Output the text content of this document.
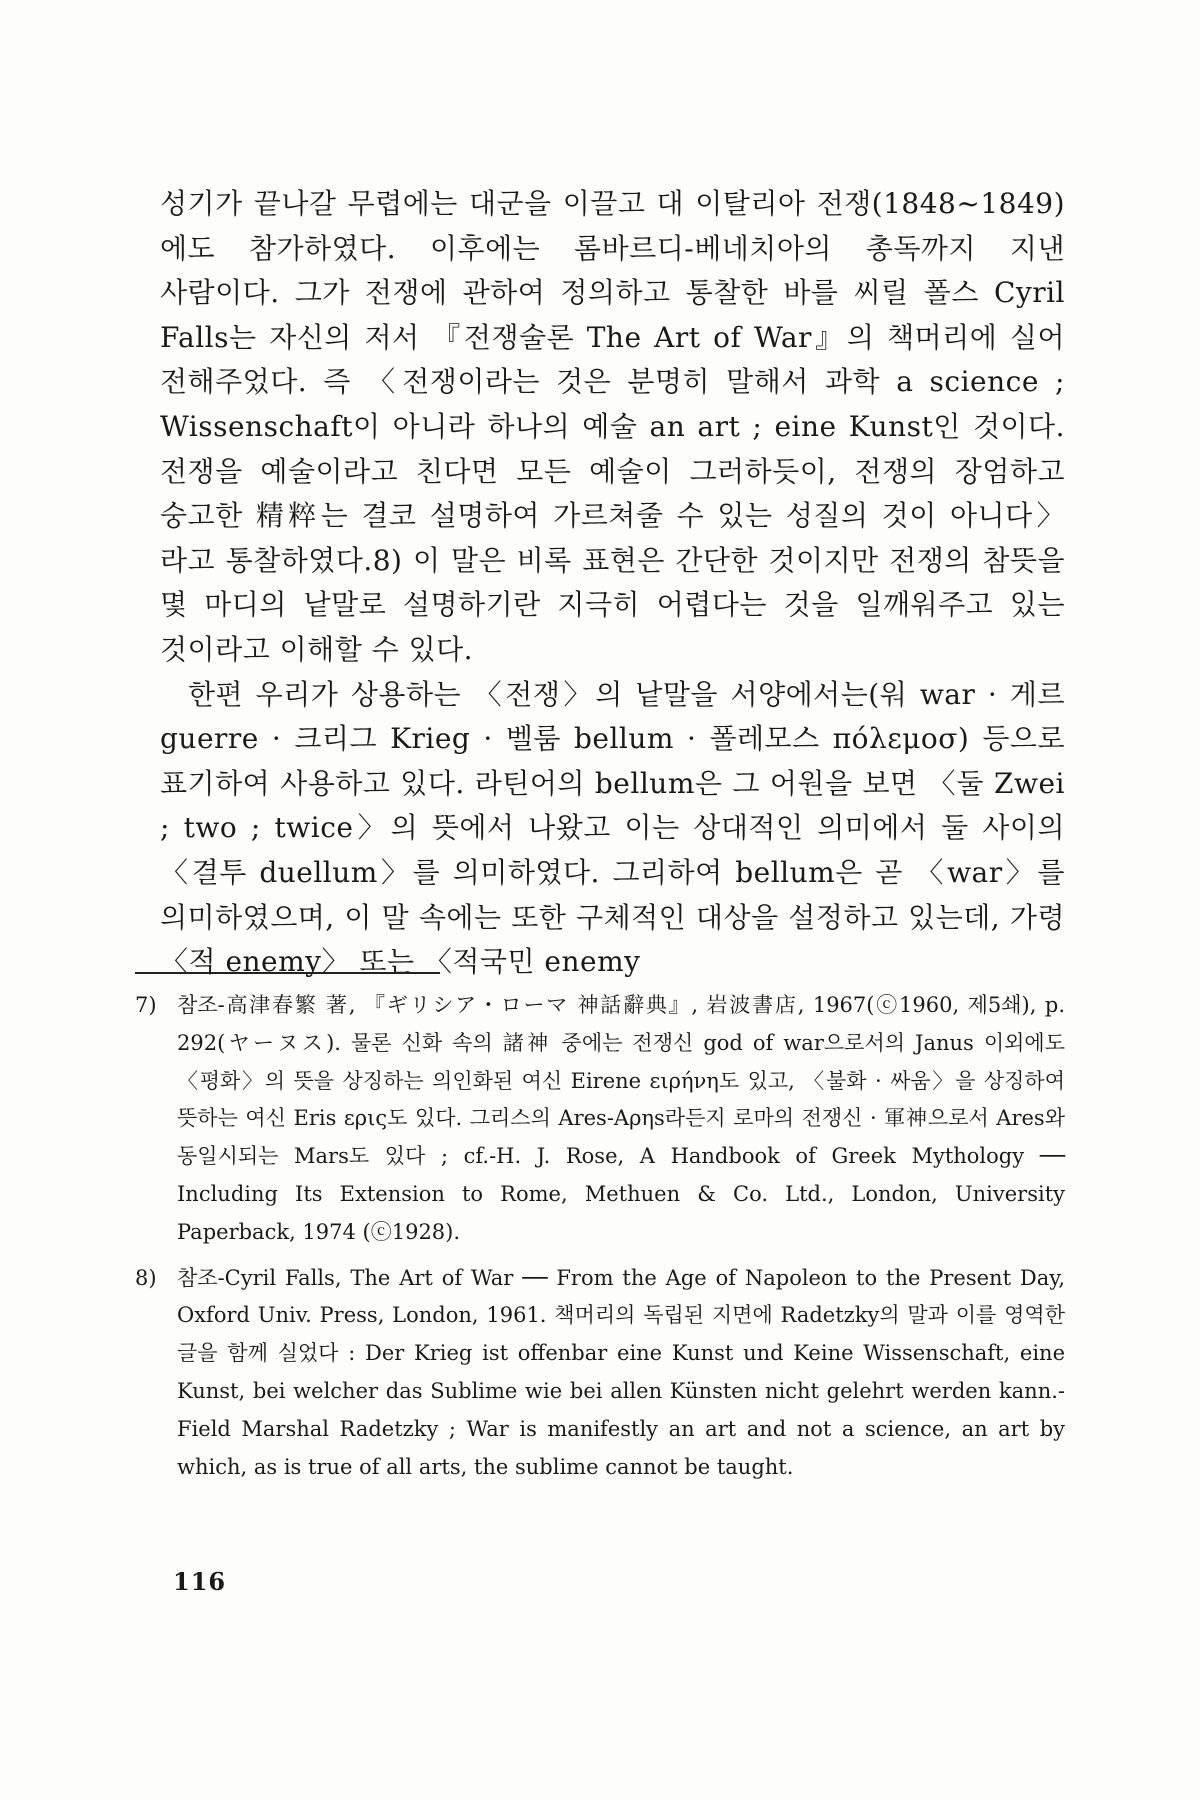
성기가 끝나갈 무렵에는 대군을 이끌고 대 이탈리아 전쟁(1848~1849)에도 참가하였다. 이후에는 롬바르디-베네치아의 총독까지 지낸 사람이다. 그가 전쟁에 관하여 정의하고 통찰한 바를 씨릴 폴스 Cyril Falls는 자신의 저서 『전쟁술론 The Art of War』의 책머리에 실어 전해주었다. 즉 〈전쟁이라는 것은 분명히 말해서 과학 a science ; Wissenschaft이 아니라 하나의 예술 an art ; eine Kunst인 것이다. 전쟁을 예술이라고 친다면 모든 예술이 그러하듯이, 전쟁의 장엄하고 숭고한 精粹는 결코 설명하여 가르쳐줄 수 있는 성질의 것이 아니다〉라고 통찰하였다.8) 이 말은 비록 표현은 간단한 것이지만 전쟁의 참뜻을 몇 마디의 낱말로 설명하기란 지극히 어렵다는 것을 일깨워주고 있는 것이라고 이해할 수 있다.

한편 우리가 상용하는 〈전쟁〉의 낱말을 서양에서는(워 war · 게르 guerre · 크리그 Krieg · 벨룸 bellum · 폴레모스 πόλεμοσ) 등으로 표기하여 사용하고 있다. 라틴어의 bellum은 그 어원을 보면 〈둘 Zwei ; two ; twice〉의 뜻에서 나왔고 이는 상대적인 의미에서 둘 사이의 〈결투 duellum〉를 의미하였다. 그리하여 bellum은 곧 〈war〉를 의미하였으며, 이 말 속에는 또한 구체적인 대상을 설정하고 있는데, 가령 〈적 enemy〉 또는 〈적국민 enemy

7) 참조-高津春繁 著, 『ギリシア・ローマ 神話辭典』, 岩波書店, 1967(ⓒ1960, 제5쇄), p. 292(ヤーヌス). 물론 신화 속의 諸神 중에는 전쟁신 god of war으로서의 Janus 이외에도 〈평화〉의 뜻을 상징하는 의인화된 여신 Eirene ειρήνη도 있고, 〈불화 · 싸움〉을 상징하여 뜻하는 여신 Eris ερις도 있다. 그리스의 Ares-Aρηs라든지 로마의 전쟁신 · 軍神으로서 Ares와 동일시되는 Mars도 있다 ; cf.-H. J. Rose, A Handbook of Greek Mythology ── Including Its Extension to Rome, Methuen & Co. Ltd., London, University Paperback, 1974 (ⓒ1928).
8) 참조-Cyril Falls, The Art of War ── From the Age of Napoleon to the Present Day, Oxford Univ. Press, London, 1961. 책머리의 독립된 지면에 Radetzky의 말과 이를 영역한 글을 함께 실었다 : Der Krieg ist offenbar eine Kunst und Keine Wissenschaft, eine Kunst, bei welcher das Sublime wie bei allen Künsten nicht gelehrt werden kann.-Field Marshal Radetzky ; War is manifestly an art and not a science, an art by which, as is true of all arts, the sublime cannot be taught.
116
